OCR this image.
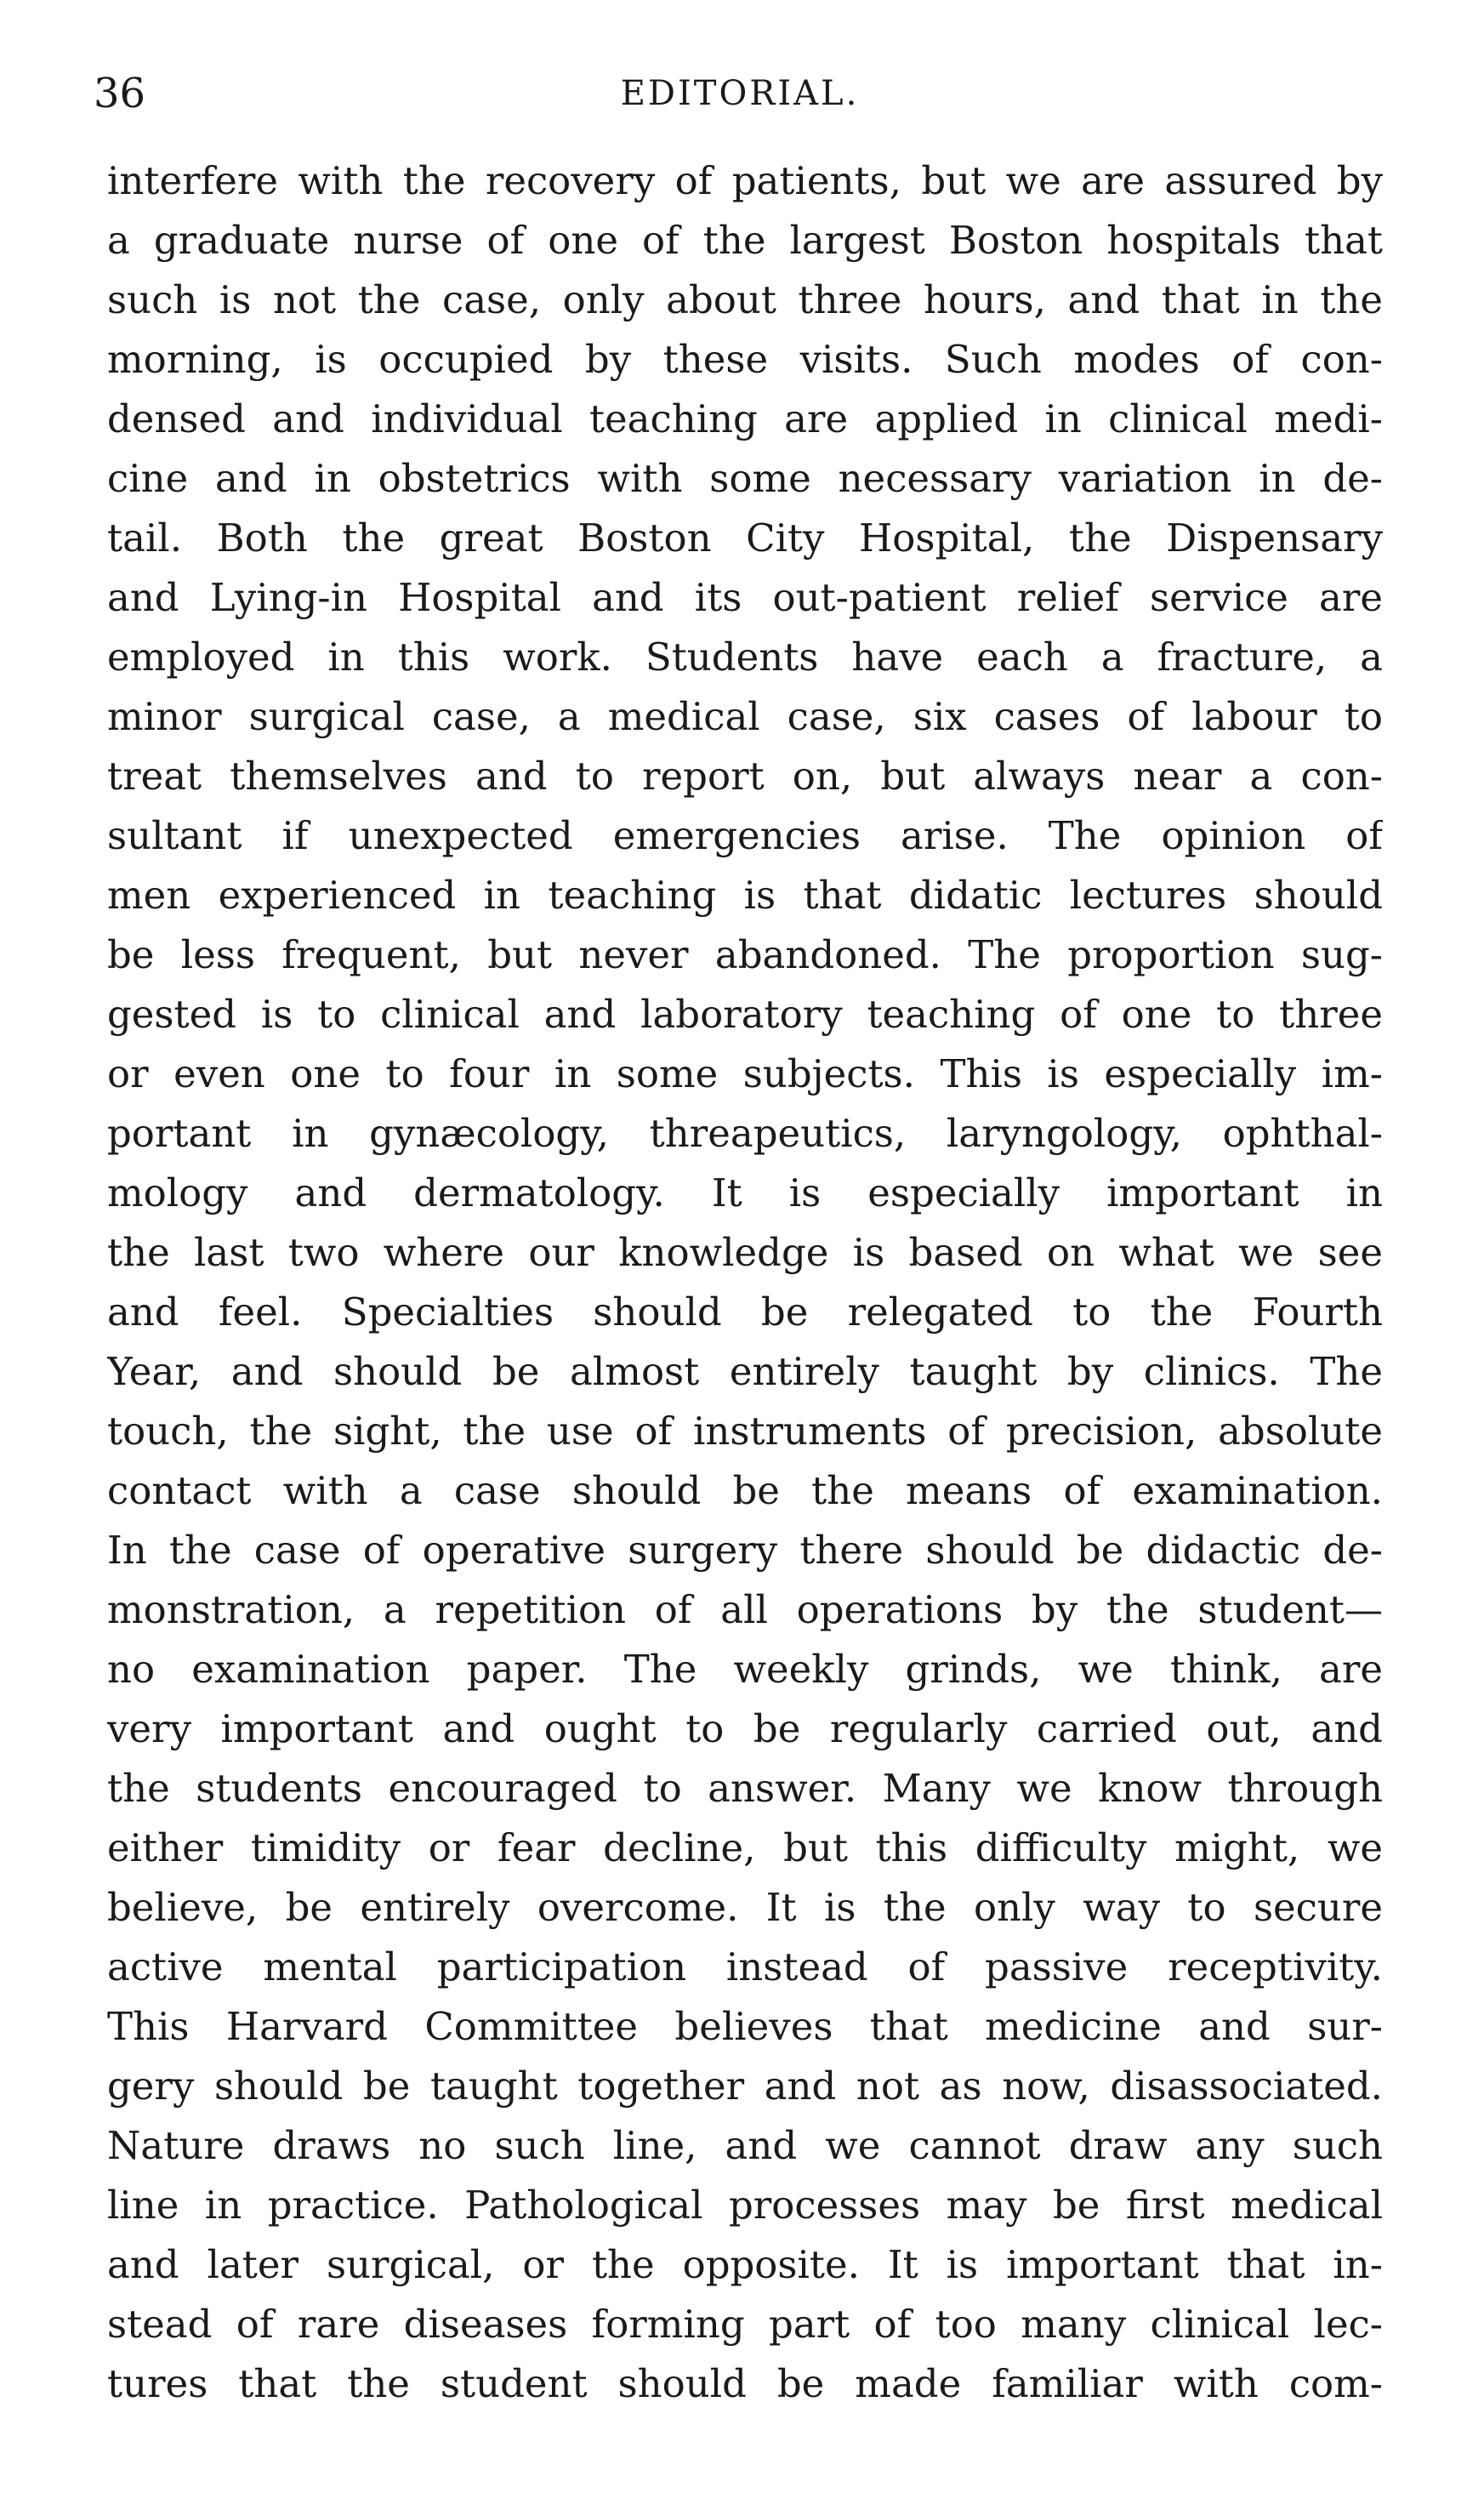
36	EDITORIAL.
interfere with the recovery of patients, but we are assured by
a graduate nurse of one of the largest Boston hospitals that
such is not the case, only about three hours, and that in the
morning, is occupied by these visits. Such modes of con-
densed and individual teaching are applied in clinical medi-
cine and in obstetrics with some necessary variation in de-
tail. Both the great Boston City Hospital, the Dispensary
and Lying-in Hospital and its out-patient relief service are
employed in this work. Students have each a fracture, a
minor surgical case, a medical case, six cases of labour to
treat themselves and to report on, but always near a con-
sultant if unexpected emergencies arise. The opinion of
men experienced in teaching is that didatic lectures should
be less frequent, but never abandoned. The proportion sug-
gested is to clinical and laboratory teaching of one to three
or even one to four in some subjects. This is especially im-
portant in gynæcology, threapeutics, laryngology, ophthal-
mology and dermatology. It is especially important in
the last two where our knowledge is based on what we see
and feel. Specialties should be relegated to the Fourth
Year, and should be almost entirely taught by clinics. The
touch, the sight, the use of instruments of precision, absolute
contact with a case should be the means of examination.
In the case of operative surgery there should be didactic de-
monstration, a repetition of all operations by the student—
no examination paper. The weekly grinds, we think, are
very important and ought to be regularly carried out, and
the students encouraged to answer. Many we know through
either timidity or fear decline, but this difficulty might, we
believe, be entirely overcome. It is the only way to secure
active mental participation instead of passive receptivity.
This Harvard Committee believes that medicine and sur-
gery should be taught together and not as now, disassociated.
Nature draws no such line, and we cannot draw any such
line in practice. Pathological processes may be first medical
and later surgical, or the opposite. It is important that in-
stead of rare diseases forming part of too many clinical lec-
tures that the student should be made familiar with com-
